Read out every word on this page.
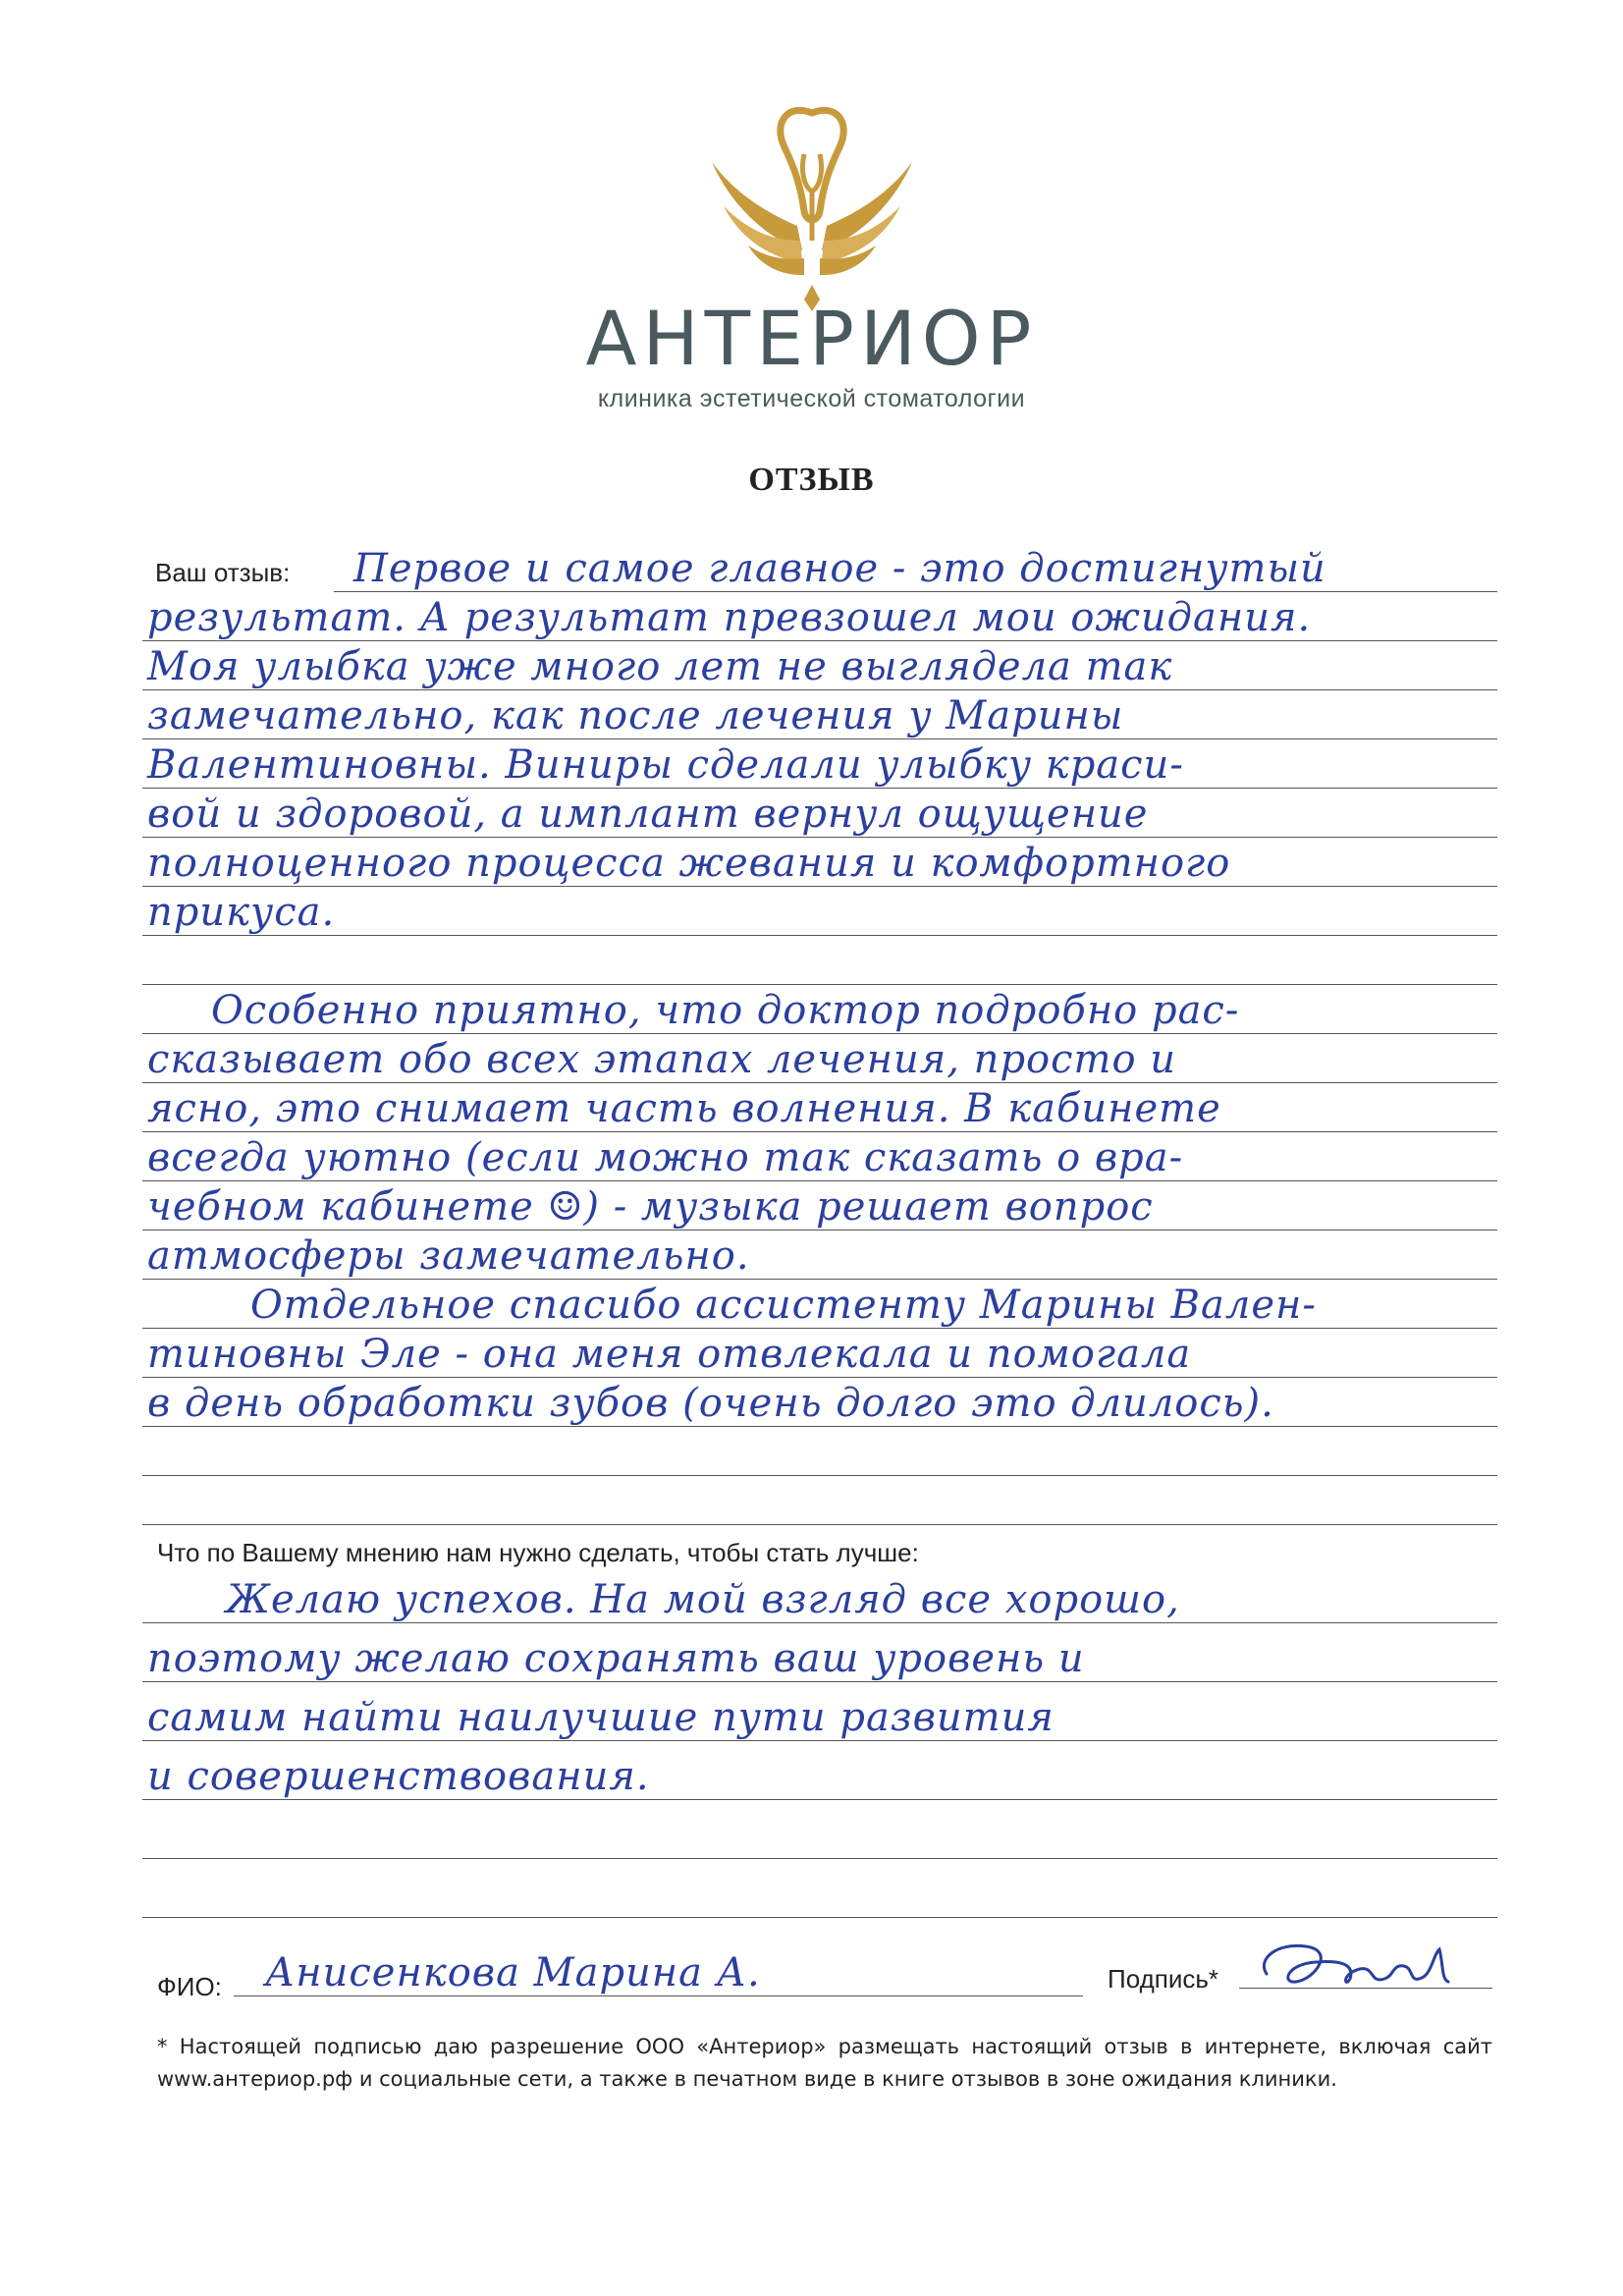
АНТЕРИОР
клиника эстетической стоматологии
ОТЗЫВ
Ваш отзыв: Первое и самое главное - это достигнутый
результат. А результат превзошел мои ожидания.
Моя улыбка уже много лет не выглядела так
замечательно, как после лечения у Марины
Валентиновны. Виниры сделали улыбку краси-
вой и здоровой, а имплант вернул ощущение
полноценного процесса жевания и комфортного
прикуса.
Особенно приятно, что доктор подробно рас-
сказывает обо всех этапах лечения, просто и
ясно, это снимает часть волнения. В кабинете
всегда уютно (если можно так сказать о вра-
чебном кабинете ☺) - музыка решает вопрос
атмосферы замечательно.
Отдельное спасибо ассистенту Марины Вален-
тиновны Эле - она меня отвлекала и помогала
в день обработки зубов (очень долго это длилось).
Что по Вашему мнению нам нужно сделать, чтобы стать лучше:
Желаю успехов. На мой взгляд все хорошо,
поэтому желаю сохранять ваш уровень и
самим найти наилучшие пути развития
и совершенствования.
ФИО: Анисенкова Марина А.	Подпись*
* Настоящей подписью даю разрешение ООО «Антериор» размещать настоящий отзыв в интернете, включая сайт www.антериор.рф и социальные сети, а также в печатном виде в книге отзывов в зоне ожидания клиники.
